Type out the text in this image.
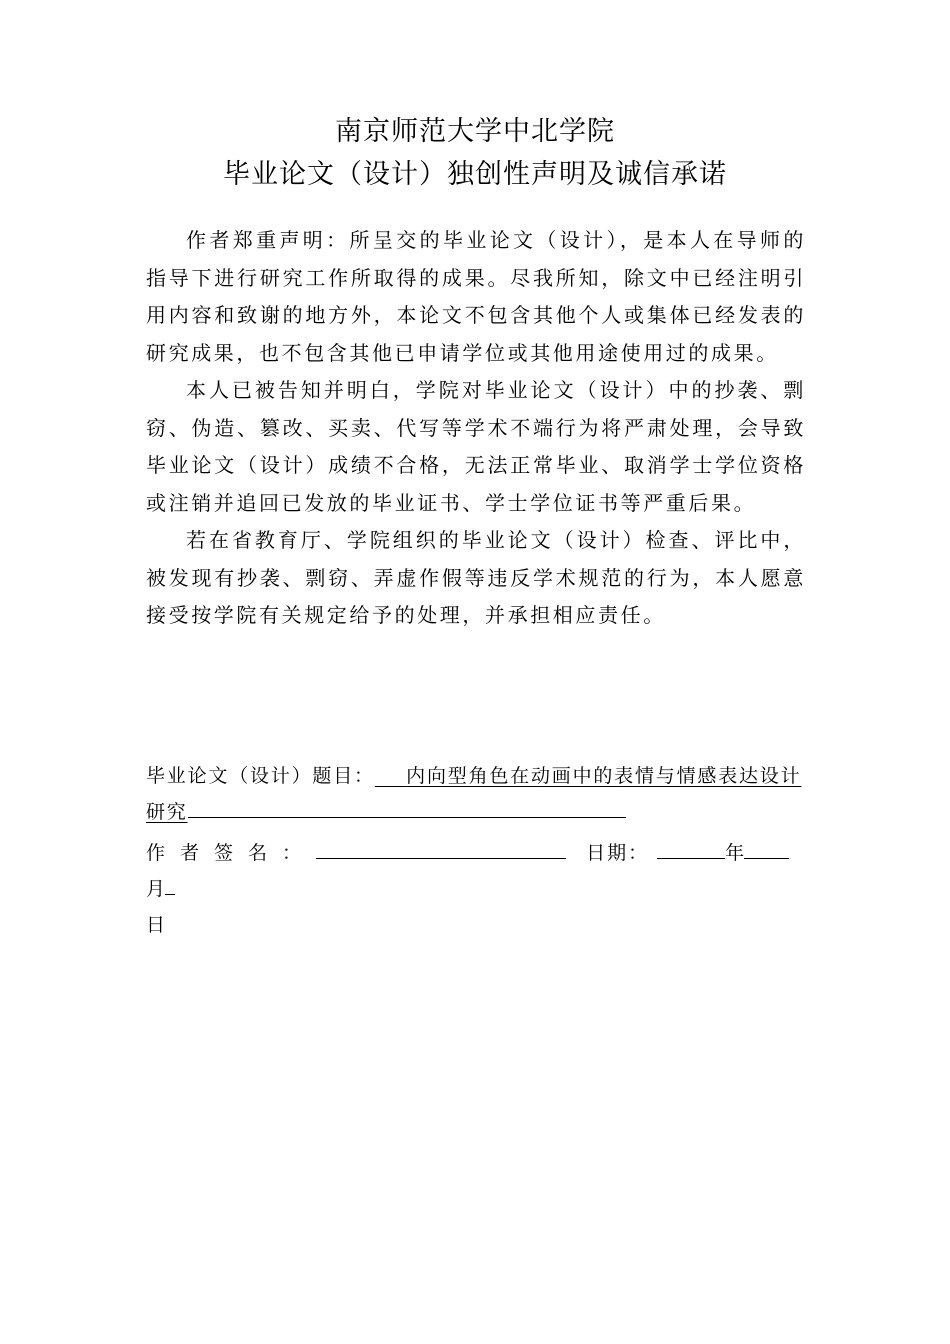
南京师范大学中北学院
毕业论文（设计）独创性声明及诚信承诺

作者郑重声明：所呈交的毕业论文（设计），是本人在导师的指导下进行研究工作所取得的成果。尽我所知，除文中已经注明引用内容和致谢的地方外，本论文不包含其他个人或集体已经发表的研究成果，也不包含其他已申请学位或其他用途使用过的成果。

本人已被告知并明白，学院对毕业论文（设计）中的抄袭、剽窃、伪造、篡改、买卖、代写等学术不端行为将严肃处理，会导致毕业论文（设计）成绩不合格，无法正常毕业、取消学士学位资格或注销并追回已发放的毕业证书、学士学位证书等严重后果。

若在省教育厅、学院组织的毕业论文（设计）检查、评比中，被发现有抄袭、剽窃、弄虚作假等违反学术规范的行为，本人愿意接受按学院有关规定给予的处理，并承担相应责任。

毕业论文（设计）题目： 内向型角色在动画中的表情与情感表达设计研究
作者签名：	日期：	年月
日
